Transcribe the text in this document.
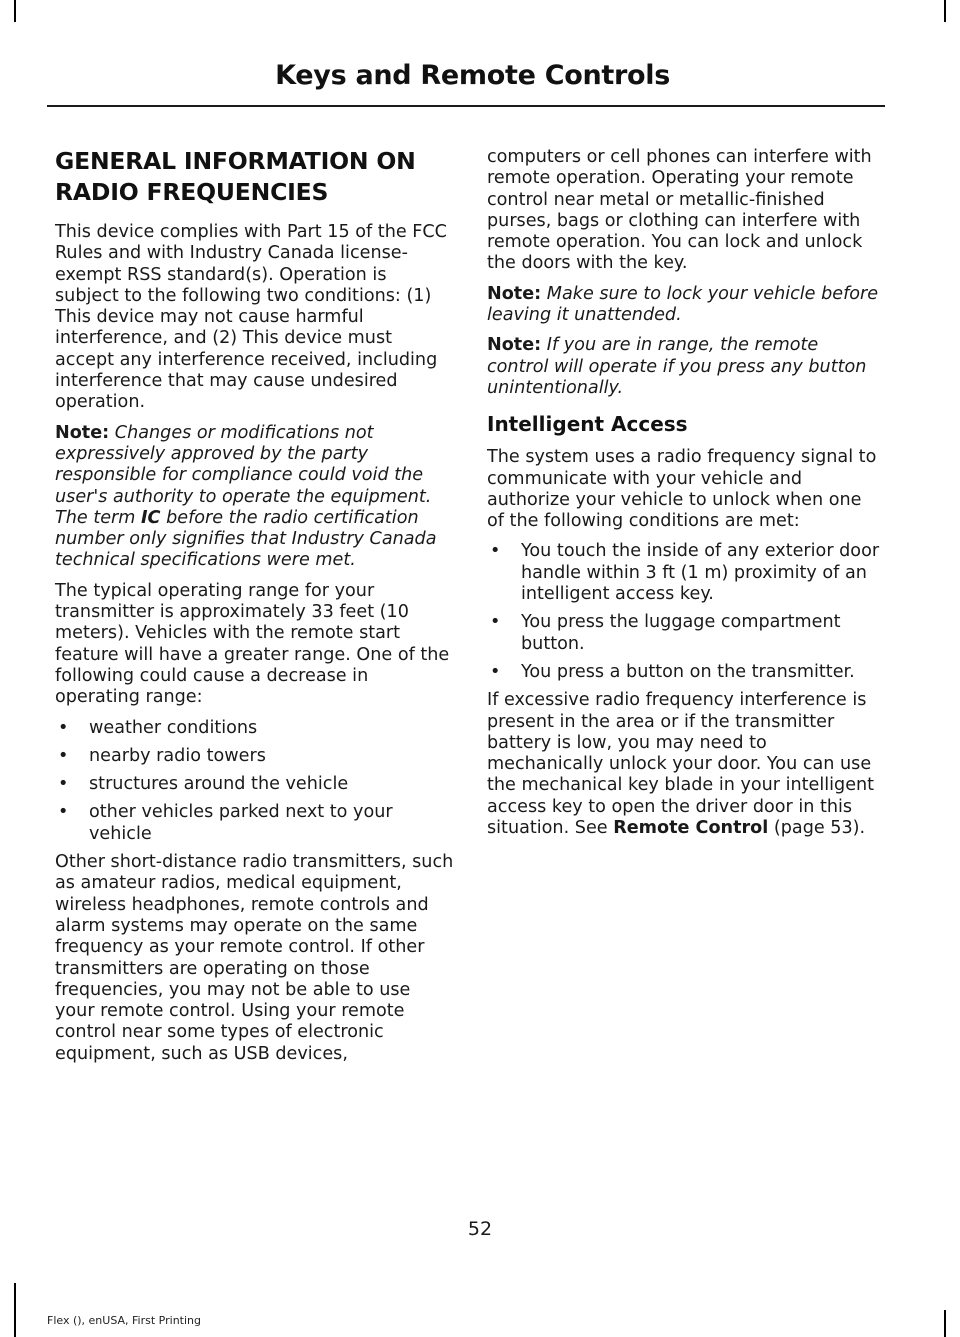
Keys and Remote Controls
GENERAL INFORMATION ON
RADIO FREQUENCIES

This device complies with Part 15 of the FCC Rules and with Industry Canada license-exempt RSS standard(s). Operation is subject to the following two conditions: (1) This device may not cause harmful interference, and (2) This device must accept any interference received, including interference that may cause undesired operation.

Note: Changes or modifications not expressively approved by the party responsible for compliance could void the user's authority to operate the equipment. The term IC before the radio certification number only signifies that Industry Canada technical specifications were met.

The typical operating range for your transmitter is approximately 33 feet (10 meters). Vehicles with the remote start feature will have a greater range. One of the following could cause a decrease in operating range:

• weather conditions
• nearby radio towers
• structures around the vehicle
• other vehicles parked next to your vehicle

Other short-distance radio transmitters, such as amateur radios, medical equipment, wireless headphones, remote controls and alarm systems may operate on the same frequency as your remote control. If other transmitters are operating on those frequencies, you may not be able to use your remote control. Using your remote control near some types of electronic equipment, such as USB devices,

computers or cell phones can interfere with remote operation. Operating your remote control near metal or metallic-finished purses, bags or clothing can interfere with remote operation. You can lock and unlock the doors with the key.

Note: Make sure to lock your vehicle before leaving it unattended.

Note: If you are in range, the remote control will operate if you press any button unintentionally.

Intelligent Access

The system uses a radio frequency signal to communicate with your vehicle and authorize your vehicle to unlock when one of the following conditions are met:

• You touch the inside of any exterior door handle within 3 ft (1 m) proximity of an intelligent access key.
• You press the luggage compartment button.
• You press a button on the transmitter.

If excessive radio frequency interference is present in the area or if the transmitter battery is low, you may need to mechanically unlock your door. You can use the mechanical key blade in your intelligent access key to open the driver door in this situation. See Remote Control (page 53).

52
Flex (), enUSA, First Printing
